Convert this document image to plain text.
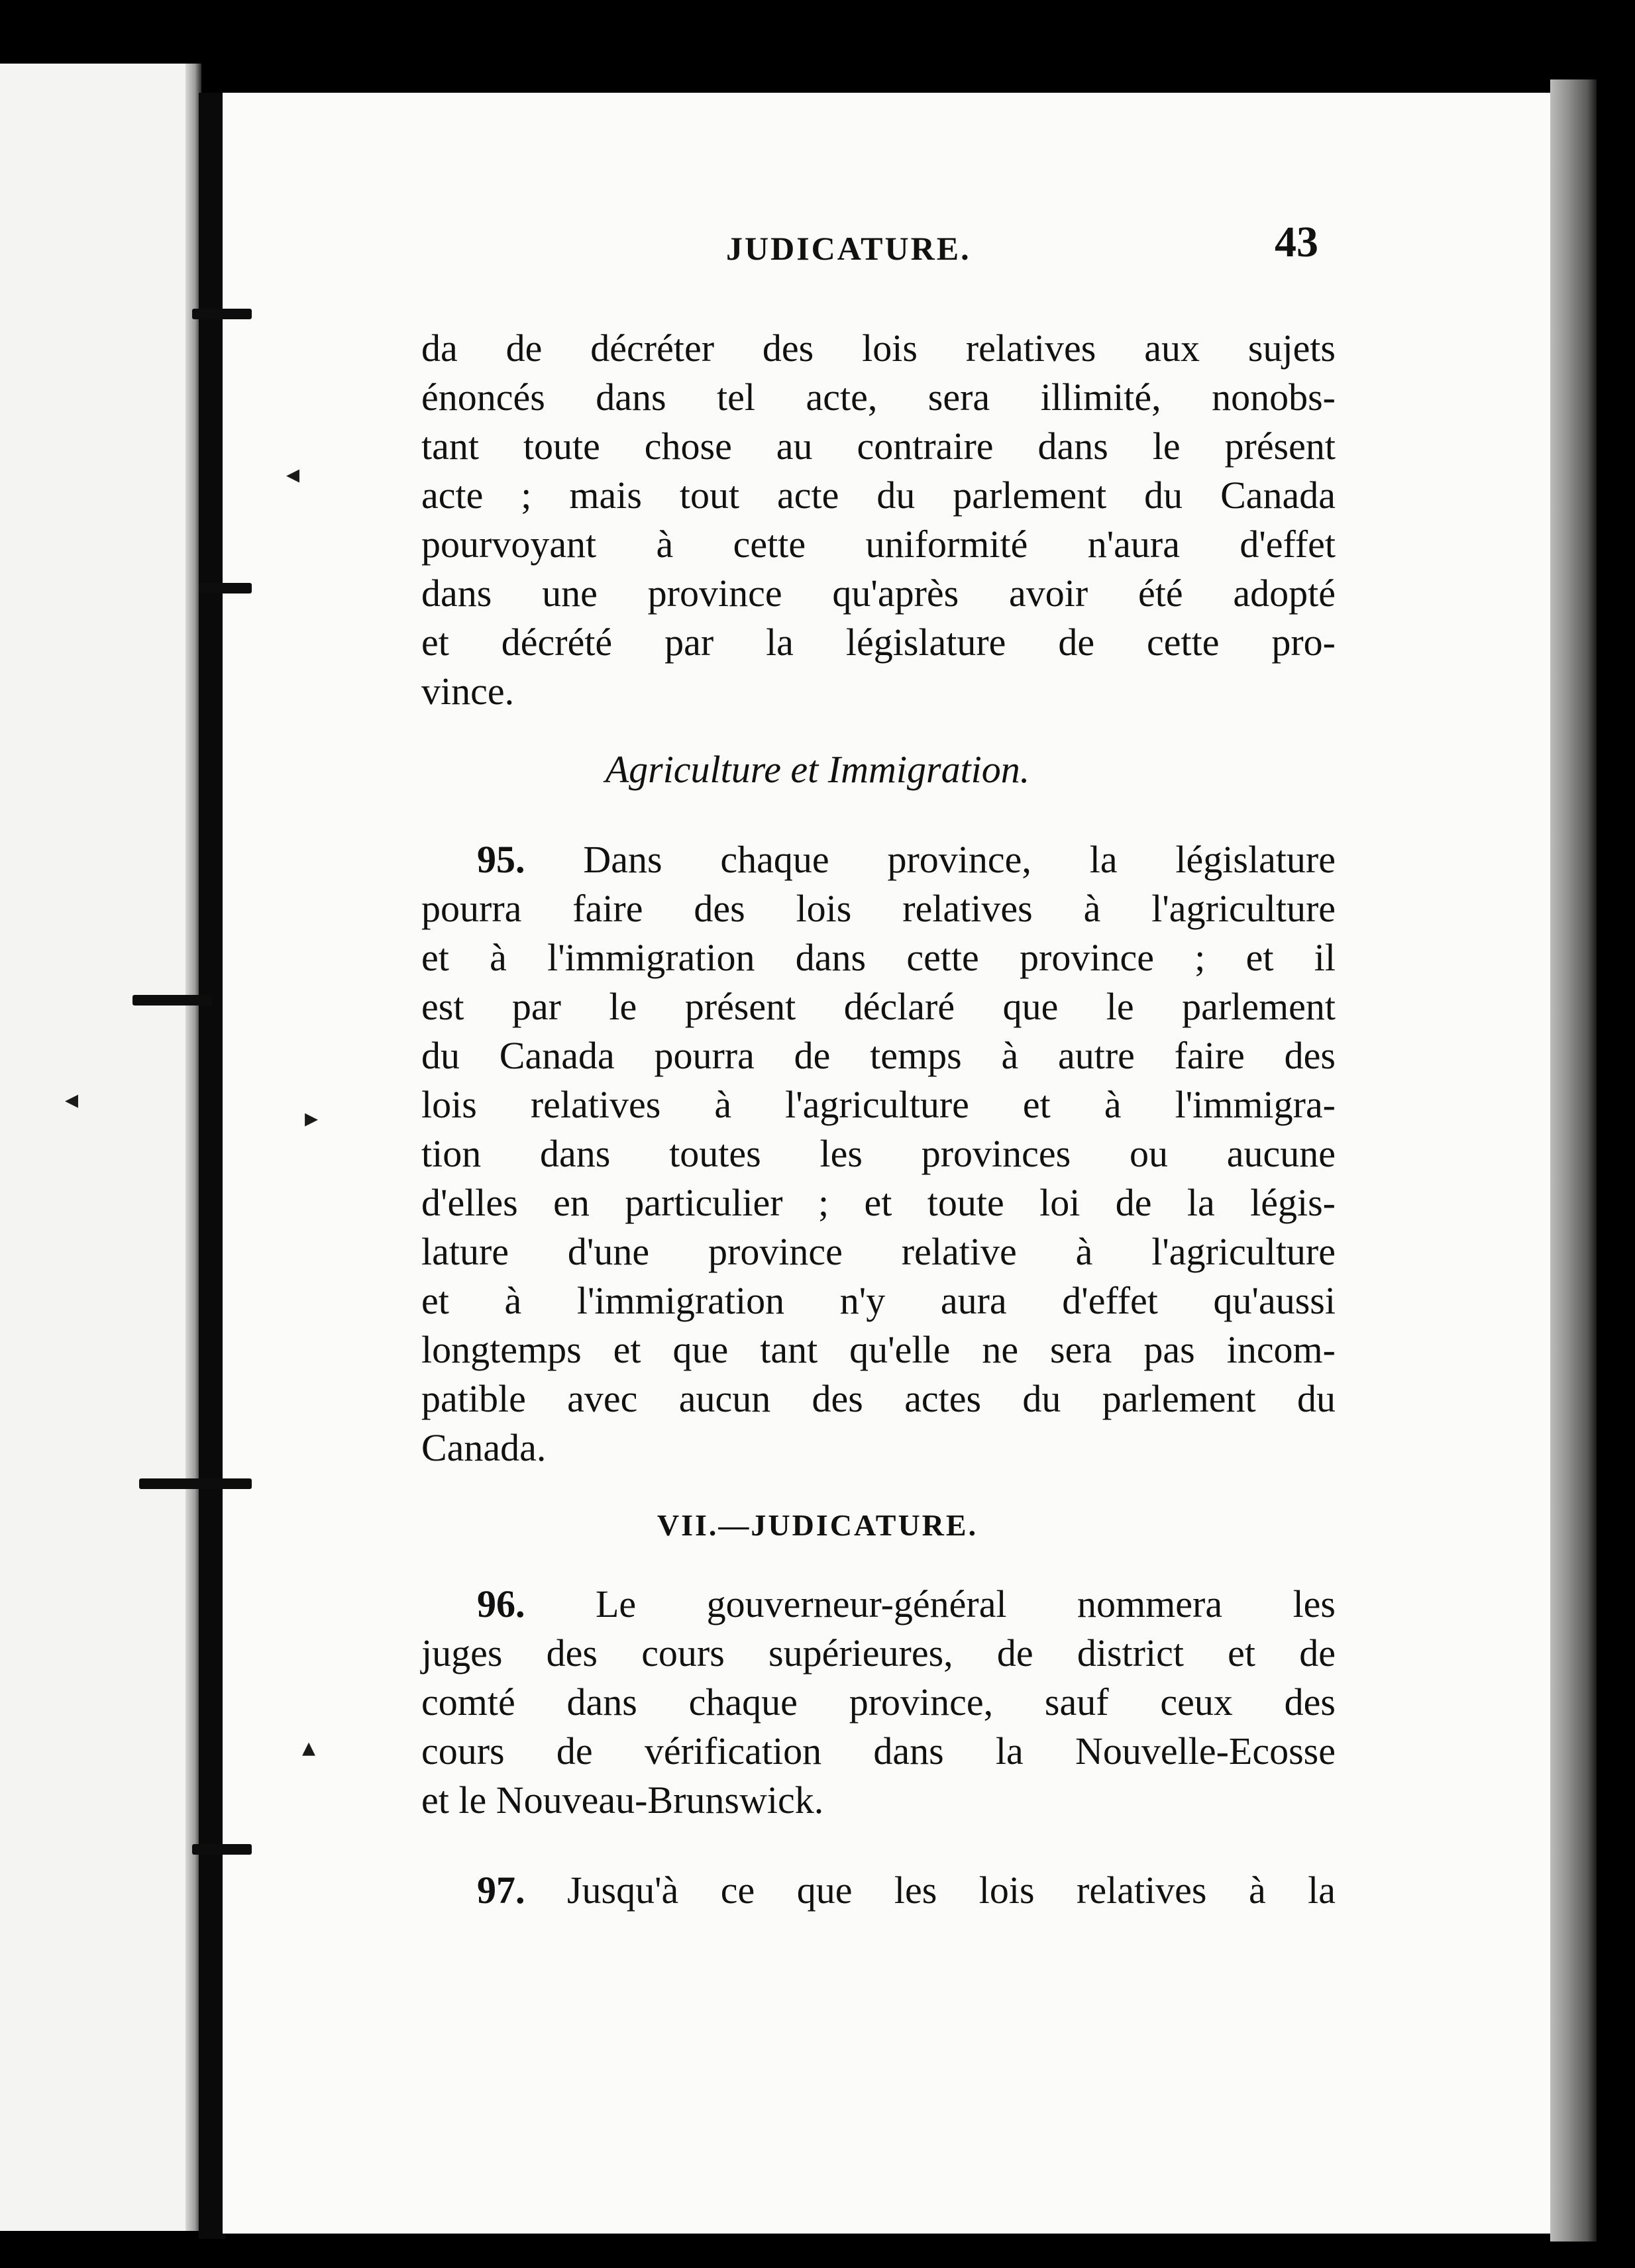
◂
◂
▸
▴
JUDICATURE.	43
da de décréter des lois relatives aux sujets
énoncés dans tel acte, sera illimité, nonobs-
tant toute chose au contraire dans le présent
acte ; mais tout acte du parlement du Canada
pourvoyant à cette uniformité n'aura d'effet
dans une province qu'après avoir été adopté
et décrété par la législature de cette pro-
vince.
Agriculture et Immigration.
95. Dans chaque province, la législature
pourra faire des lois relatives à l'agriculture
et à l'immigration dans cette province ; et il
est par le présent déclaré que le parlement
du Canada pourra de temps à autre faire des
lois relatives à l'agriculture et à l'immigra-
tion dans toutes les provinces ou aucune
d'elles en particulier ; et toute loi de la légis-
lature d'une province relative à l'agriculture
et à l'immigration n'y aura d'effet qu'aussi
longtemps et que tant qu'elle ne sera pas incom-
patible avec aucun des actes du parlement du
Canada.
VII.—JUDICATURE.
96. Le gouverneur-général nommera les
juges des cours supérieures, de district et de
comté dans chaque province, sauf ceux des
cours de vérification dans la Nouvelle-Ecosse
et le Nouveau-Brunswick.
97. Jusqu'à ce que les lois relatives à la
